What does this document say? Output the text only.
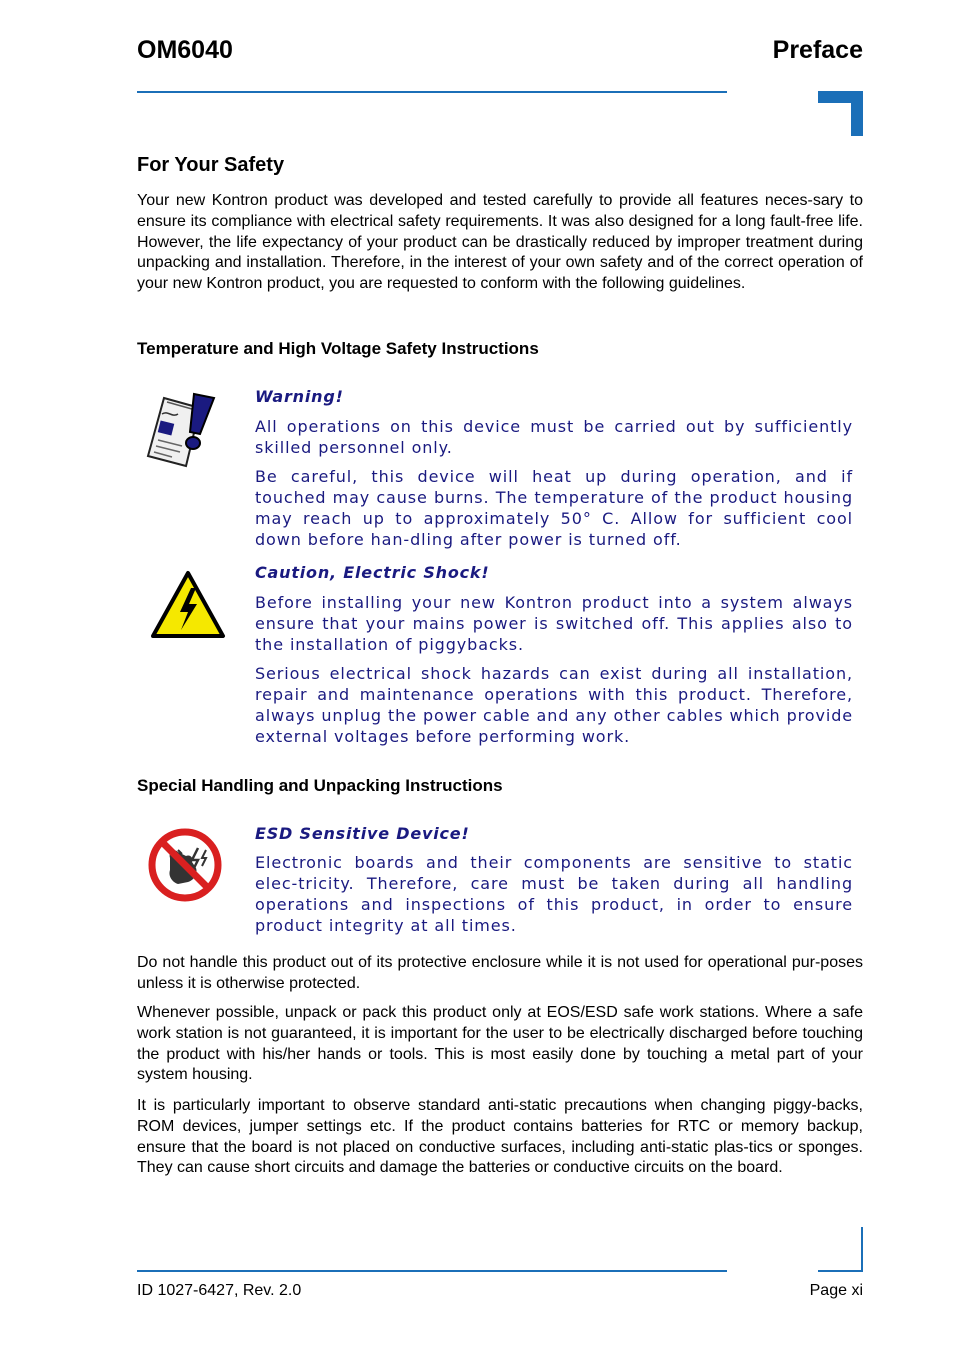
OM6040	Preface
For Your Safety
Your new Kontron product was developed and tested carefully to provide all features neces-sary to ensure its compliance with electrical safety requirements. It was also designed for a long fault-free life. However, the life expectancy of your product can be drastically reduced by improper treatment during unpacking and installation. Therefore, in the interest of your own safety and of the correct operation of your new Kontron product, you are requested to conform with the following guidelines.
Temperature and High Voltage Safety Instructions
Warning!
All operations on this device must be carried out by sufficiently skilled personnel only.
Be careful, this device will heat up during operation, and if touched may cause burns. The temperature of the product housing may reach up to approximately 50° C. Allow for sufficient cool down before han-dling after power is turned off.
Caution, Electric Shock!
Before installing your new Kontron product into a system always ensure that your mains power is switched off. This applies also to the installation of piggybacks.
Serious electrical shock hazards can exist during all installation, repair and maintenance operations with this product. Therefore, always unplug the power cable and any other cables which provide external voltages before performing work.
Special Handling and Unpacking Instructions
ESD Sensitive Device!
Electronic boards and their components are sensitive to static elec-tricity. Therefore, care must be taken during all handling operations and inspections of this product, in order to ensure product integrity at all times.
Do not handle this product out of its protective enclosure while it is not used for operational pur-poses unless it is otherwise protected.
Whenever possible, unpack or pack this product only at EOS/ESD safe work stations. Where a safe work station is not guaranteed, it is important for the user to be electrically discharged before touching the product with his/her hands or tools. This is most easily done by touching a metal part of your system housing.
It is particularly important to observe standard anti-static precautions when changing piggy-backs, ROM devices, jumper settings etc. If the product contains batteries for RTC or memory backup, ensure that the board is not placed on conductive surfaces, including anti-static plas-tics or sponges. They can cause short circuits and damage the batteries or conductive circuits on the board.
ID 1027-6427, Rev. 2.0	Page xi
